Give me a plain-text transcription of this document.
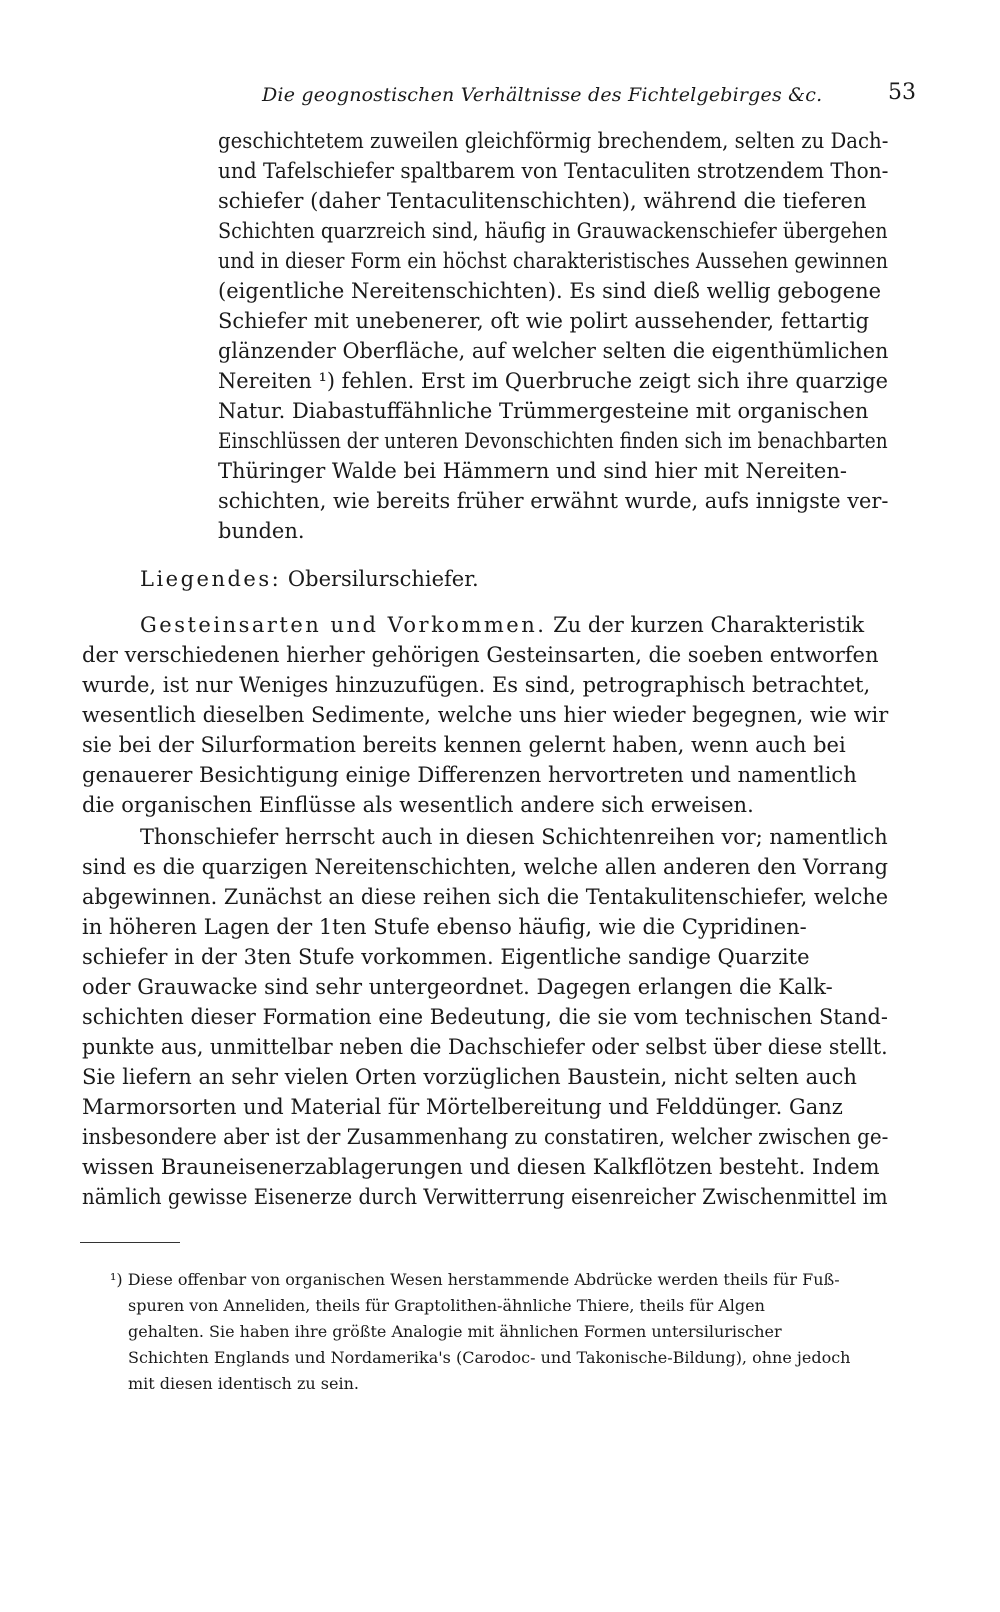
Die geognostischen Verhältnisse des Fichtelgebirges &c.	53
geschichtetem zuweilen gleichförmig brechendem, selten zu Dach-
und Tafelschiefer spaltbarem von Tentaculiten strotzendem Thon-
schiefer (daher Tentaculitenschichten), während die tieferen
Schichten quarzreich sind, häufig in Grauwackenschiefer übergehen
und in dieser Form ein höchst charakteristisches Aussehen gewinnen
(eigentliche Nereitenschichten). Es sind dieß wellig gebogene
Schiefer mit unebenerer, oft wie polirt aussehender, fettartig
glänzender Oberfläche, auf welcher selten die eigenthümlichen
Nereiten ¹) fehlen. Erst im Querbruche zeigt sich ihre quarzige
Natur. Diabastuffähnliche Trümmergesteine mit organischen
Einschlüssen der unteren Devonschichten finden sich im benachbarten
Thüringer Walde bei Hämmern und sind hier mit Nereiten-
schichten, wie bereits früher erwähnt wurde, aufs innigste ver-
bunden.
Liegendes: Obersilurschiefer.
Gesteinsarten und Vorkommen. Zu der kurzen Charakteristik
der verschiedenen hierher gehörigen Gesteinsarten, die soeben entworfen
wurde, ist nur Weniges hinzuzufügen. Es sind, petrographisch betrachtet,
wesentlich dieselben Sedimente, welche uns hier wieder begegnen, wie wir
sie bei der Silurformation bereits kennen gelernt haben, wenn auch bei
genauerer Besichtigung einige Differenzen hervortreten und namentlich
die organischen Einflüsse als wesentlich andere sich erweisen.
Thonschiefer herrscht auch in diesen Schichtenreihen vor; namentlich
sind es die quarzigen Nereitenschichten, welche allen anderen den Vorrang
abgewinnen. Zunächst an diese reihen sich die Tentakulitenschiefer, welche
in höheren Lagen der 1ten Stufe ebenso häufig, wie die Cypridinen-
schiefer in der 3ten Stufe vorkommen. Eigentliche sandige Quarzite
oder Grauwacke sind sehr untergeordnet. Dagegen erlangen die Kalk-
schichten dieser Formation eine Bedeutung, die sie vom technischen Stand-
punkte aus, unmittelbar neben die Dachschiefer oder selbst über diese stellt.
Sie liefern an sehr vielen Orten vorzüglichen Baustein, nicht selten auch
Marmorsorten und Material für Mörtelbereitung und Felddünger. Ganz
insbesondere aber ist der Zusammenhang zu constatiren, welcher zwischen ge-
wissen Brauneisenerzablagerungen und diesen Kalkflötzen besteht. Indem
nämlich gewisse Eisenerze durch Verwitterrung eisenreicher Zwischenmittel im
¹) Diese offenbar von organischen Wesen herstammende Abdrücke werden theils für Fuß-
spuren von Anneliden, theils für Graptolithen-ähnliche Thiere, theils für Algen
gehalten. Sie haben ihre größte Analogie mit ähnlichen Formen untersilurischer
Schichten Englands und Nordamerika's (Carodoc- und Takonische-Bildung), ohne jedoch
mit diesen identisch zu sein.
